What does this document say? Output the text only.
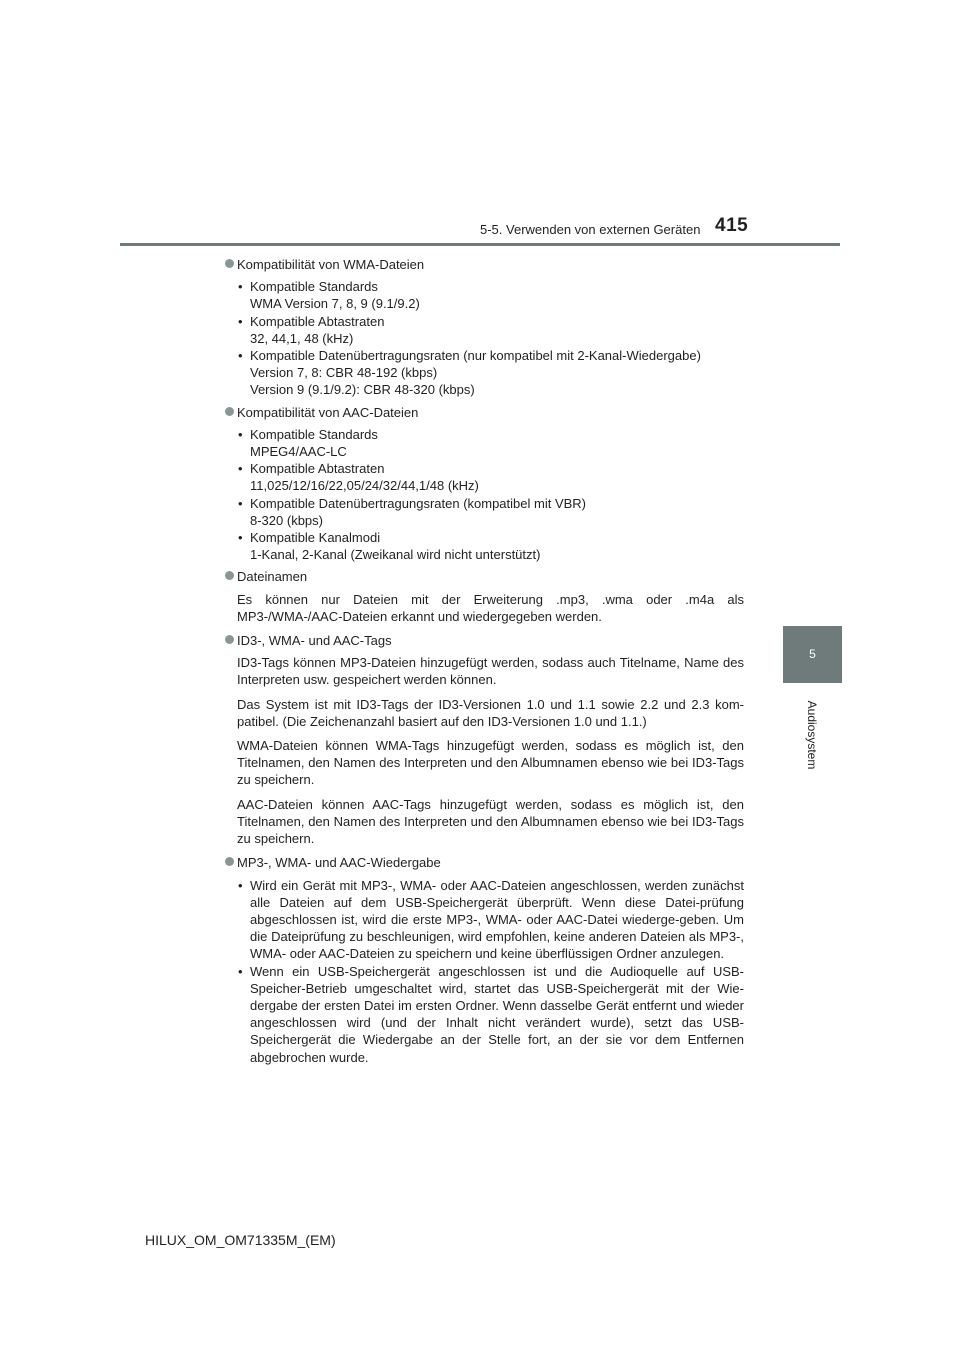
5-5. Verwenden von externen Geräten 415
5
Audiosystem
Kompatibilität von WMA-Dateien
• Kompatible Standards
WMA Version 7, 8, 9 (9.1/9.2)
• Kompatible Abtastraten
32, 44,1, 48 (kHz)
• Kompatible Datenübertragungsraten (nur kompatibel mit 2-Kanal-Wiedergabe)
Version 7, 8: CBR 48-192 (kbps)
Version 9 (9.1/9.2): CBR 48-320 (kbps)
Kompatibilität von AAC-Dateien
• Kompatible Standards
MPEG4/AAC-LC
• Kompatible Abtastraten
11,025/12/16/22,05/24/32/44,1/48 (kHz)
• Kompatible Datenübertragungsraten (kompatibel mit VBR)
8-320 (kbps)
• Kompatible Kanalmodi
1-Kanal, 2-Kanal (Zweikanal wird nicht unterstützt)
Dateinamen

Es können nur Dateien mit der Erweiterung .mp3, .wma oder .m4a als MP3-/WMA-/AAC-Dateien erkannt und wiedergegeben werden.

ID3-, WMA- und AAC-Tags

ID3-Tags können MP3-Dateien hinzugefügt werden, sodass auch Titelname, Name des Interpreten usw. gespeichert werden können.

Das System ist mit ID3-Tags der ID3-Versionen 1.0 und 1.1 sowie 2.2 und 2.3 kom-patibel. (Die Zeichenanzahl basiert auf den ID3-Versionen 1.0 und 1.1.)

WMA-Dateien können WMA-Tags hinzugefügt werden, sodass es möglich ist, den Titelnamen, den Namen des Interpreten und den Albumnamen ebenso wie bei ID3-Tags zu speichern.

AAC-Dateien können AAC-Tags hinzugefügt werden, sodass es möglich ist, den Titelnamen, den Namen des Interpreten und den Albumnamen ebenso wie bei ID3-Tags zu speichern.

MP3-, WMA- und AAC-Wiedergabe
• Wird ein Gerät mit MP3-, WMA- oder AAC-Dateien angeschlossen, werden zunächst alle Dateien auf dem USB-Speichergerät überprüft. Wenn diese Datei-prüfung abgeschlossen ist, wird die erste MP3-, WMA- oder AAC-Datei wiederge-geben. Um die Dateiprüfung zu beschleunigen, wird empfohlen, keine anderen Dateien als MP3-, WMA- oder AAC-Dateien zu speichern und keine überflüssigen Ordner anzulegen.
• Wenn ein USB-Speichergerät angeschlossen ist und die Audioquelle auf USB-Speicher-Betrieb umgeschaltet wird, startet das USB-Speichergerät mit der Wie-dergabe der ersten Datei im ersten Ordner. Wenn dasselbe Gerät entfernt und wieder angeschlossen wird (und der Inhalt nicht verändert wurde), setzt das USB-Speichergerät die Wiedergabe an der Stelle fort, an der sie vor dem Entfernen abgebrochen wurde.
HILUX_OM_OM71335M_(EM)
